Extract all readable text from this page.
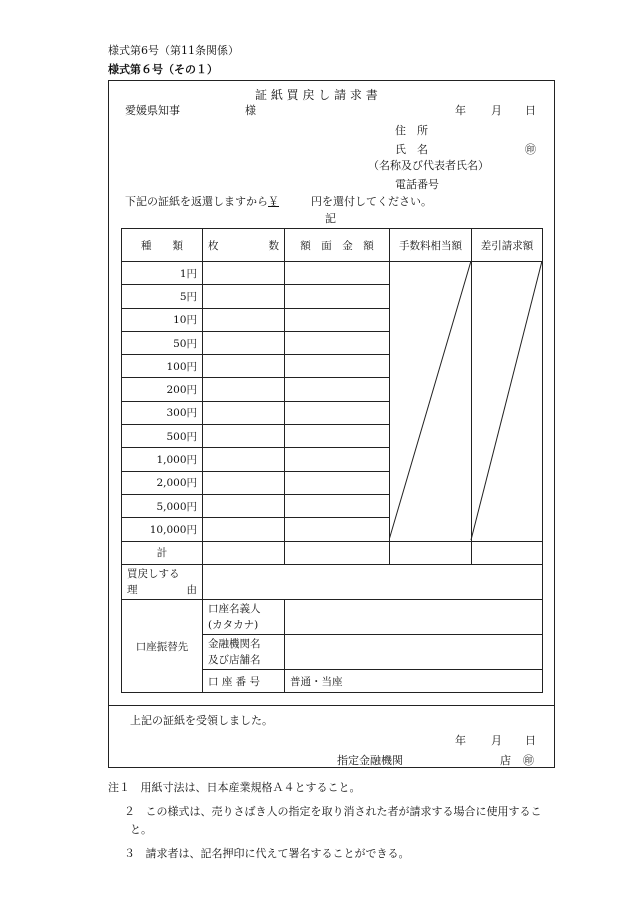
様式第6号（第11条関係）
様式第６号（その１）
証 紙 買 戻 し 請 求 書
愛媛県知事	様	年 月 日
住　所
氏　名	㊞
（名称及び代表者氏名）
電話番号
下記の証紙を返還しますから￥	円を還付してください。
記
種　　類	枚 数	額　面　金　額	手数料相当額	差引請求額
1円				
5円				
10円				
50円				
100円				
200円				
300円				
500円				
1,000円				
2,000円				
5,000円				
10,000円				
計				

買戻しする
理 由				

口座振替先	口座名義人
(カタカナ)			

	金融機関名
及び店舗名			

	口 座 番 号	普通・当座		
上記の証紙を受領しました。
年 月 日
指定金融機関	店 ㊞
注１ 用紙寸法は、日本産業規格Ａ４とすること。
２ この様式は、売りさばき人の指定を取り消された者が請求する場合に使用するこ
と。
３ 請求者は、記名押印に代えて署名することができる。
